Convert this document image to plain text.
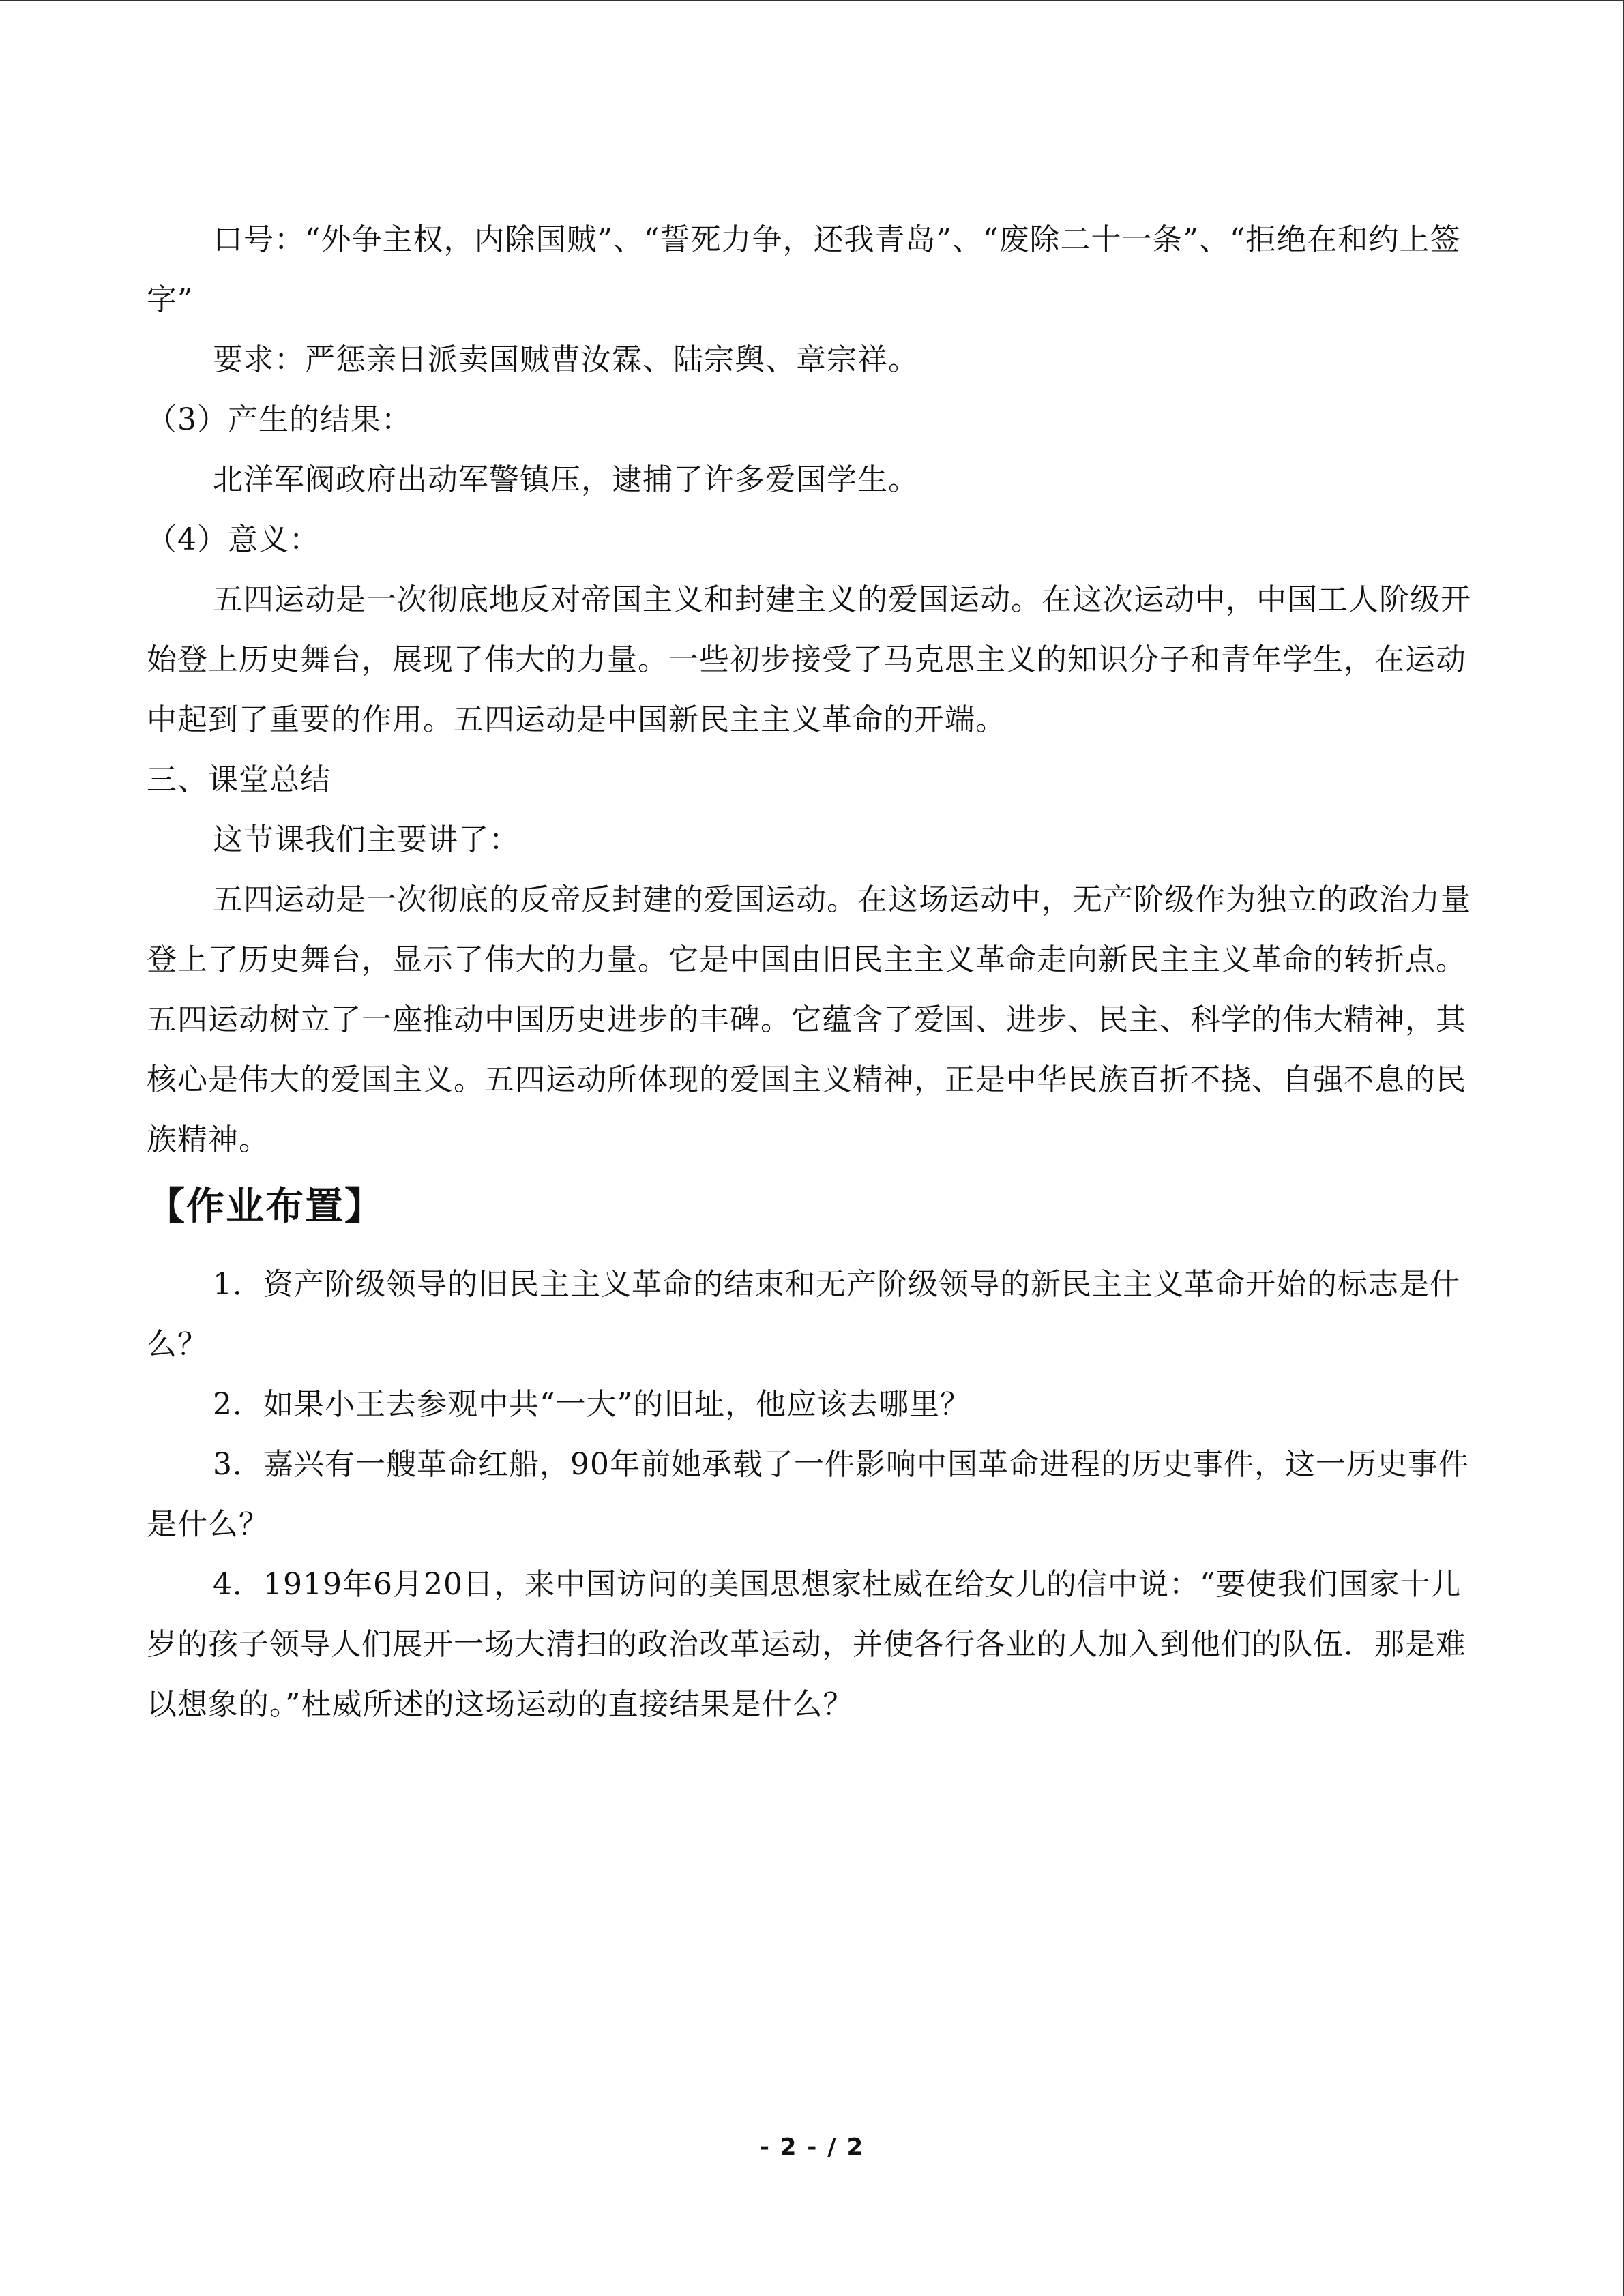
口号：“外争主权，内除国贼”、“誓死力争，还我青岛”、“废除二十一条”、“拒绝在和约上签字”

要求：严惩亲日派卖国贼曹汝霖、陆宗舆、章宗祥。

（3）产生的结果：

北洋军阀政府出动军警镇压，逮捕了许多爱国学生。

（4）意义：

五四运动是一次彻底地反对帝国主义和封建主义的爱国运动。在这次运动中，中国工人阶级开始登上历史舞台，展现了伟大的力量。一些初步接受了马克思主义的知识分子和青年学生，在运动中起到了重要的作用。五四运动是中国新民主主义革命的开端。

三、课堂总结

这节课我们主要讲了：

五四运动是一次彻底的反帝反封建的爱国运动。在这场运动中，无产阶级作为独立的政治力量登上了历史舞台，显示了伟大的力量。它是中国由旧民主主义革命走向新民主主义革命的转折点。五四运动树立了一座推动中国历史进步的丰碑。它蕴含了爱国、进步、民主、科学的伟大精神，其核心是伟大的爱国主义。五四运动所体现的爱国主义精神，正是中华民族百折不挠、自强不息的民族精神。

【作业布置】

1．资产阶级领导的旧民主主义革命的结束和无产阶级领导的新民主主义革命开始的标志是什么？

2．如果小王去参观中共“一大”的旧址，他应该去哪里？

3．嘉兴有一艘革命红船，90年前她承载了一件影响中国革命进程的历史事件，这一历史事件是什么？

4．1919年6月20日，来中国访问的美国思想家杜威在给女儿的信中说：“要使我们国家十儿岁的孩子领导人们展开一场大清扫的政治改革运动，并使各行各业的人加入到他们的队伍．那是难以想象的。”杜威所述的这场运动的直接结果是什么？

- 2 - / 2
